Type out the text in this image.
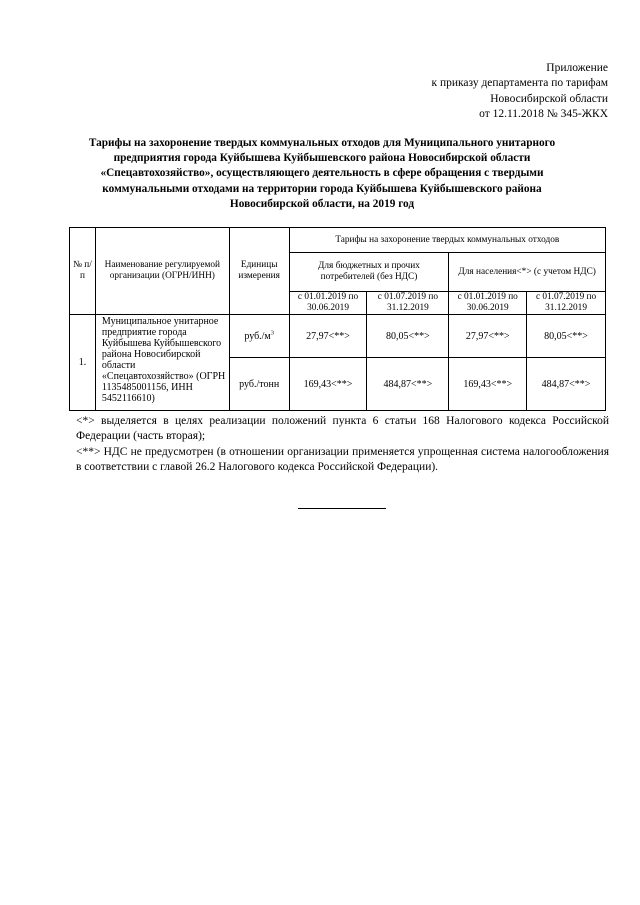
Приложение
к приказу департамента по тарифам
Новосибирской области
от 12.11.2018 № 345-ЖКХ
Тарифы на захоронение твердых коммунальных отходов для Муниципального унитарного предприятия города Куйбышева Куйбышевского района Новосибирской области «Спецавтохозяйство», осуществляющего деятельность в сфере обращения с твердыми коммунальными отходами на территории города Куйбышева Куйбышевского района Новосибирской области, на 2019 год
№ п/п	Наименование регулируемой организации (ОГРН/ИНН)	Единицы измерения	Тарифы на захоронение твердых коммунальных отходов			
			Для бюджетных и прочих потребителей (без НДС)		Для населения<*> (с учетом НДС)	
			с 01.01.2019 по 30.06.2019	с 01.07.2019 по 31.12.2019	с 01.01.2019 по 30.06.2019	с 01.07.2019 по 31.12.2019
1.	Муниципальное унитарное предприятие города Куйбышева Куйбышевского района Новосибирской области «Спецавтохозяйство» (ОГРН 1135485001156, ИНН 5452116610)	$руб./м^3$	27,97<**>	80,05<**>	27,97<**>	80,05<**>
		руб./тонн	169,43<**>	484,87<**>	169,43<**>	484,87<**>

<*> выделяется в целях реализации положений пункта 6 статьи 168 Налогового кодекса Российской Федерации (часть вторая);

<**> НДС не предусмотрен (в отношении организации применяется упрощенная система налогообложения в соответствии с главой 26.2 Налогового кодекса Российской Федерации).
